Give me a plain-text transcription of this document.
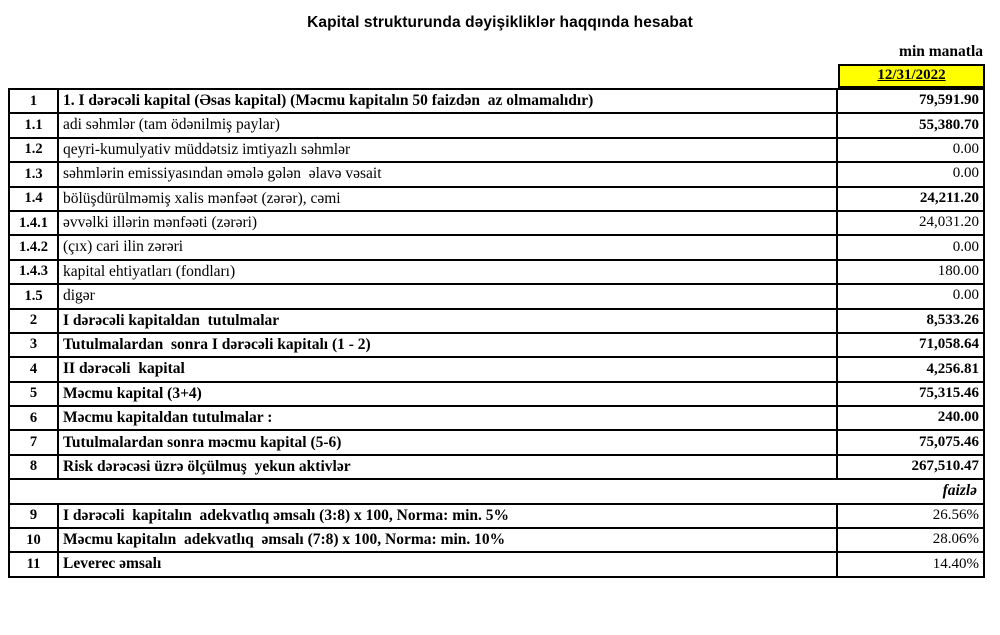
Kapital strukturunda dəyişikliklər haqqında hesabat
min manatla
12/31/2022
1	1. I dərəcəli kapital (Əsas kapital) (Məcmu kapitalın 50 faizdən  az olmamalıdır)	79,591.90
1.1	adi səhmlər (tam ödənilmiş paylar)	55,380.70
1.2	qeyri-kumulyativ müddətsiz imtiyazlı səhmlər	0.00
1.3	səhmlərin emissiyasından əmələ gələn  əlavə vəsait	0.00
1.4	bölüşdürülməmiş xalis mənfəət (zərər), cəmi	24,211.20
1.4.1	əvvəlki illərin mənfəəti (zərəri)	24,031.20
1.4.2	(çıx) cari ilin zərəri	0.00
1.4.3	kapital ehtiyatları (fondları)	180.00
1.5	digər	0.00
2	I dərəcəli kapitaldan  tutulmalar	8,533.26
3	Tutulmalardan  sonra I dərəcəli kapitalı (1 - 2)	71,058.64
4	II dərəcəli  kapital	4,256.81
5	Məcmu kapital (3+4)	75,315.46
6	Məcmu kapitaldan tutulmalar :	240.00
7	Tutulmalardan sonra məcmu kapital (5-6)	75,075.46
8	Risk dərəcəsi üzrə ölçülmuş  yekun aktivlər	267,510.47
faizlə		
9	I dərəcəli  kapitalın  adekvatlıq əmsalı (3:8) x 100, Norma: min. 5%	26.56%
10	Məcmu kapitalın  adekvatlıq  əmsalı (7:8) x 100, Norma: min. 10%	28.06%
11	Leverec əmsalı	14.40%
